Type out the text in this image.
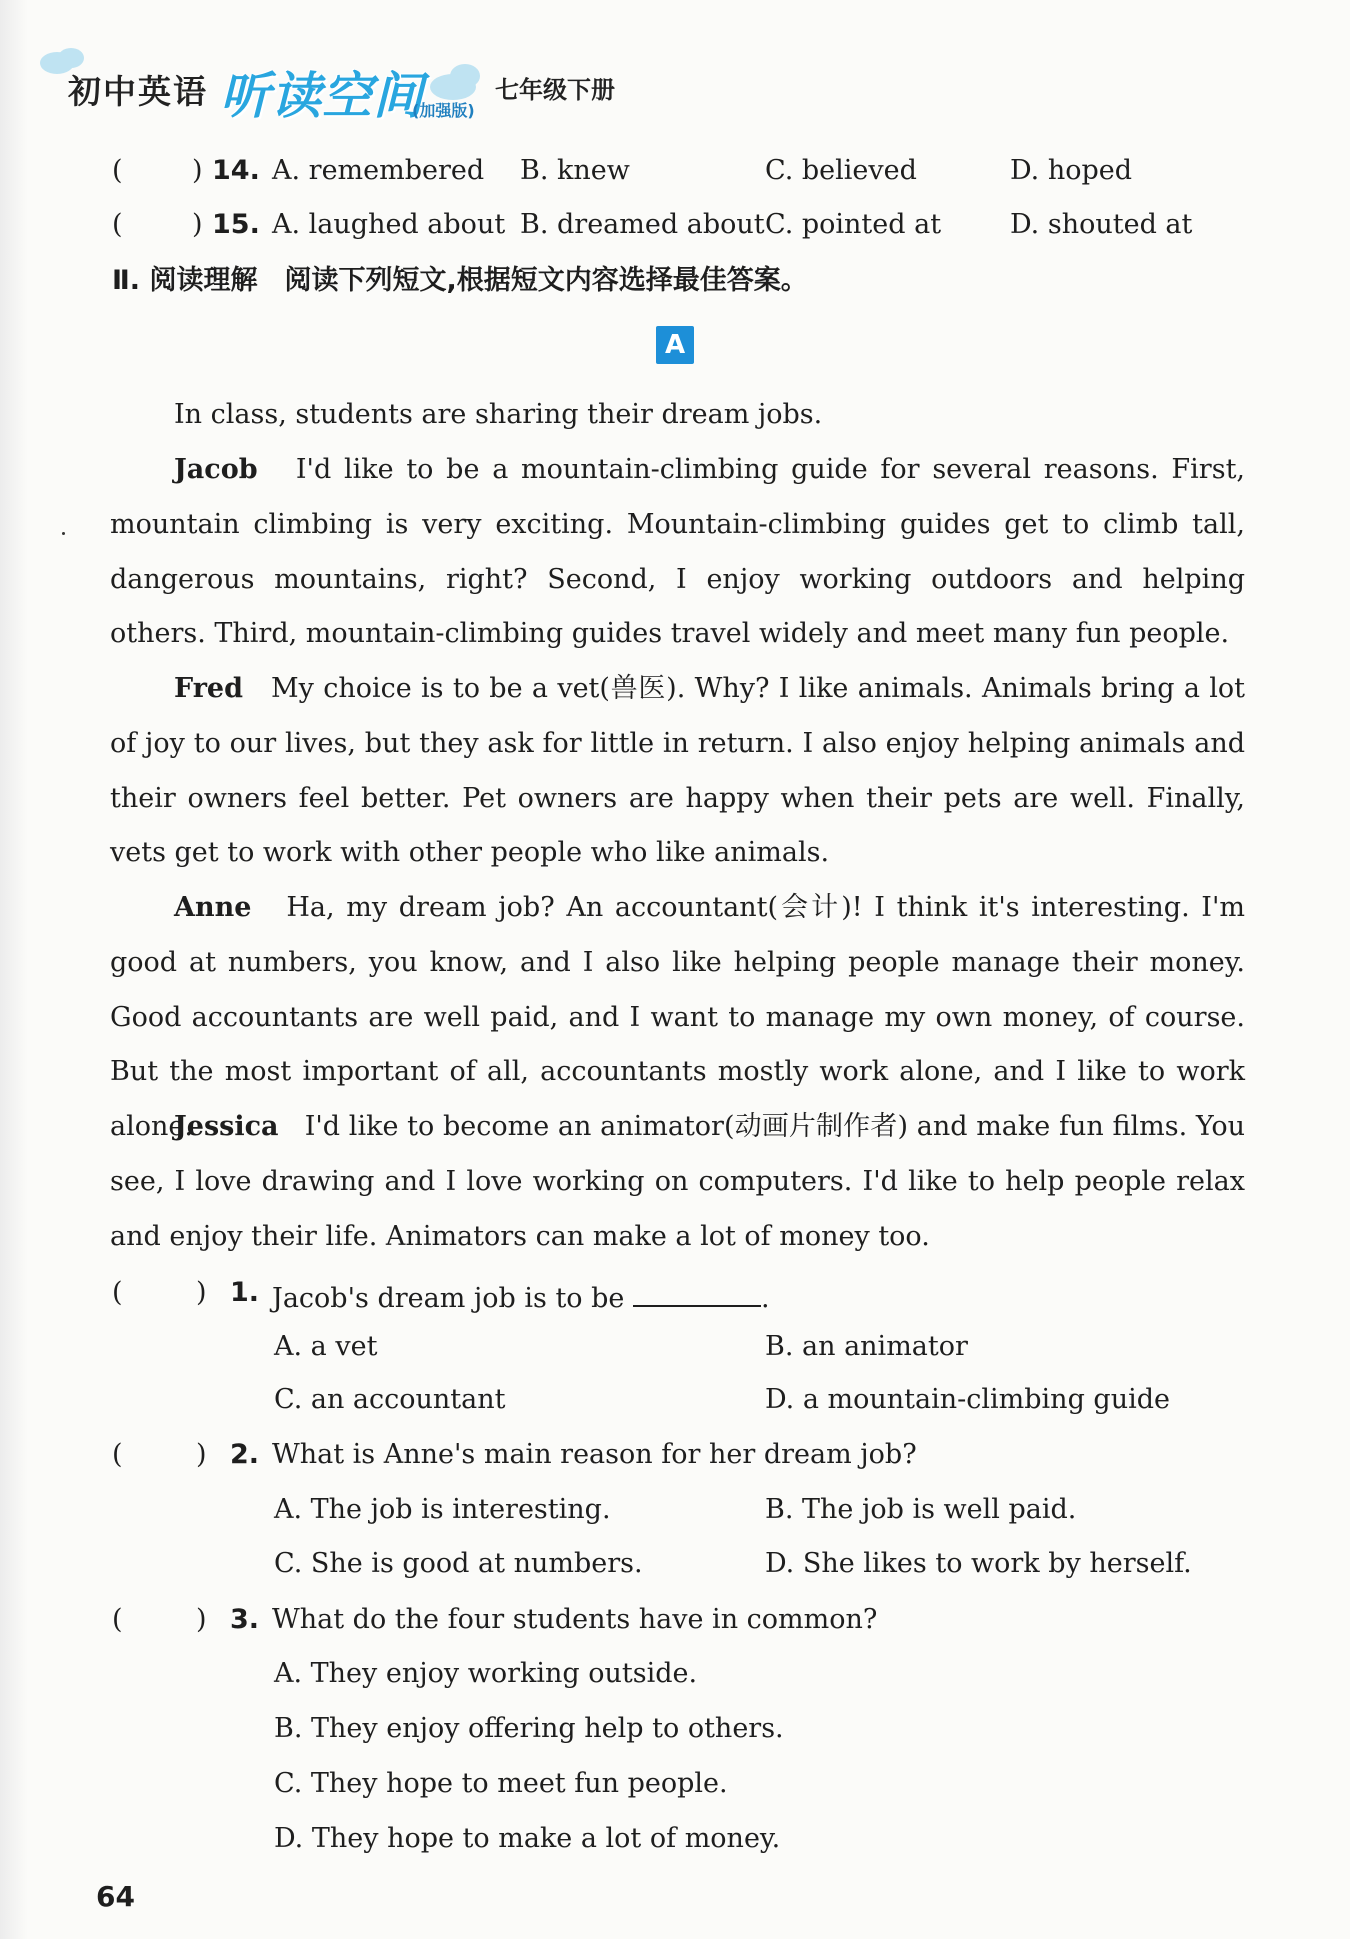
初中英语 听读空间
(加强版)
七年级下册
(	) 14. A. remembered B. knew	C. believed	D. hoped
(	) 15. A. laughed about B. dreamed about C. pointed at	D. shouted at
Ⅱ. 阅读理解　阅读下列短文,根据短文内容选择最佳答案。
A
In class, students are sharing their dream jobs.
Jacob I'd like to be a mountain-climbing guide for several reasons. First, mountain climbing is very exciting. Mountain-climbing guides get to climb tall, dangerous mountains, right? Second, I enjoy working outdoors and helping others. Third, mountain-climbing guides travel widely and meet many fun people.
Fred My choice is to be a vet(兽医). Why? I like animals. Animals bring a lot of joy to our lives, but they ask for little in return. I also enjoy helping animals and their owners feel better. Pet owners are happy when their pets are well. Finally, vets get to work with other people who like animals.
Anne Ha, my dream job? An accountant(会计)! I think it's interesting. I'm good at numbers, you know, and I also like helping people manage their money. Good accountants are well paid, and I want to manage my own money, of course. But the most important of all, accountants mostly work alone, and I like to work alone.
Jessica I'd like to become an animator(动画片制作者) and make fun films. You see, I love drawing and I love working on computers. I'd like to help people relax and enjoy their life. Animators can make a lot of money too.
(	) 1. Jacob's dream job is to be	.
A. a vet	B. an animator
C. an accountant	D. a mountain-climbing guide
(	) 2. What is Anne's main reason for her dream job?
A. The job is interesting.	B. The job is well paid.
C. She is good at numbers.	D. She likes to work by herself.
(	) 3. What do the four students have in common?
A. They enjoy working outside.
B. They enjoy offering help to others.
C. They hope to meet fun people.
D. They hope to make a lot of money.
64
